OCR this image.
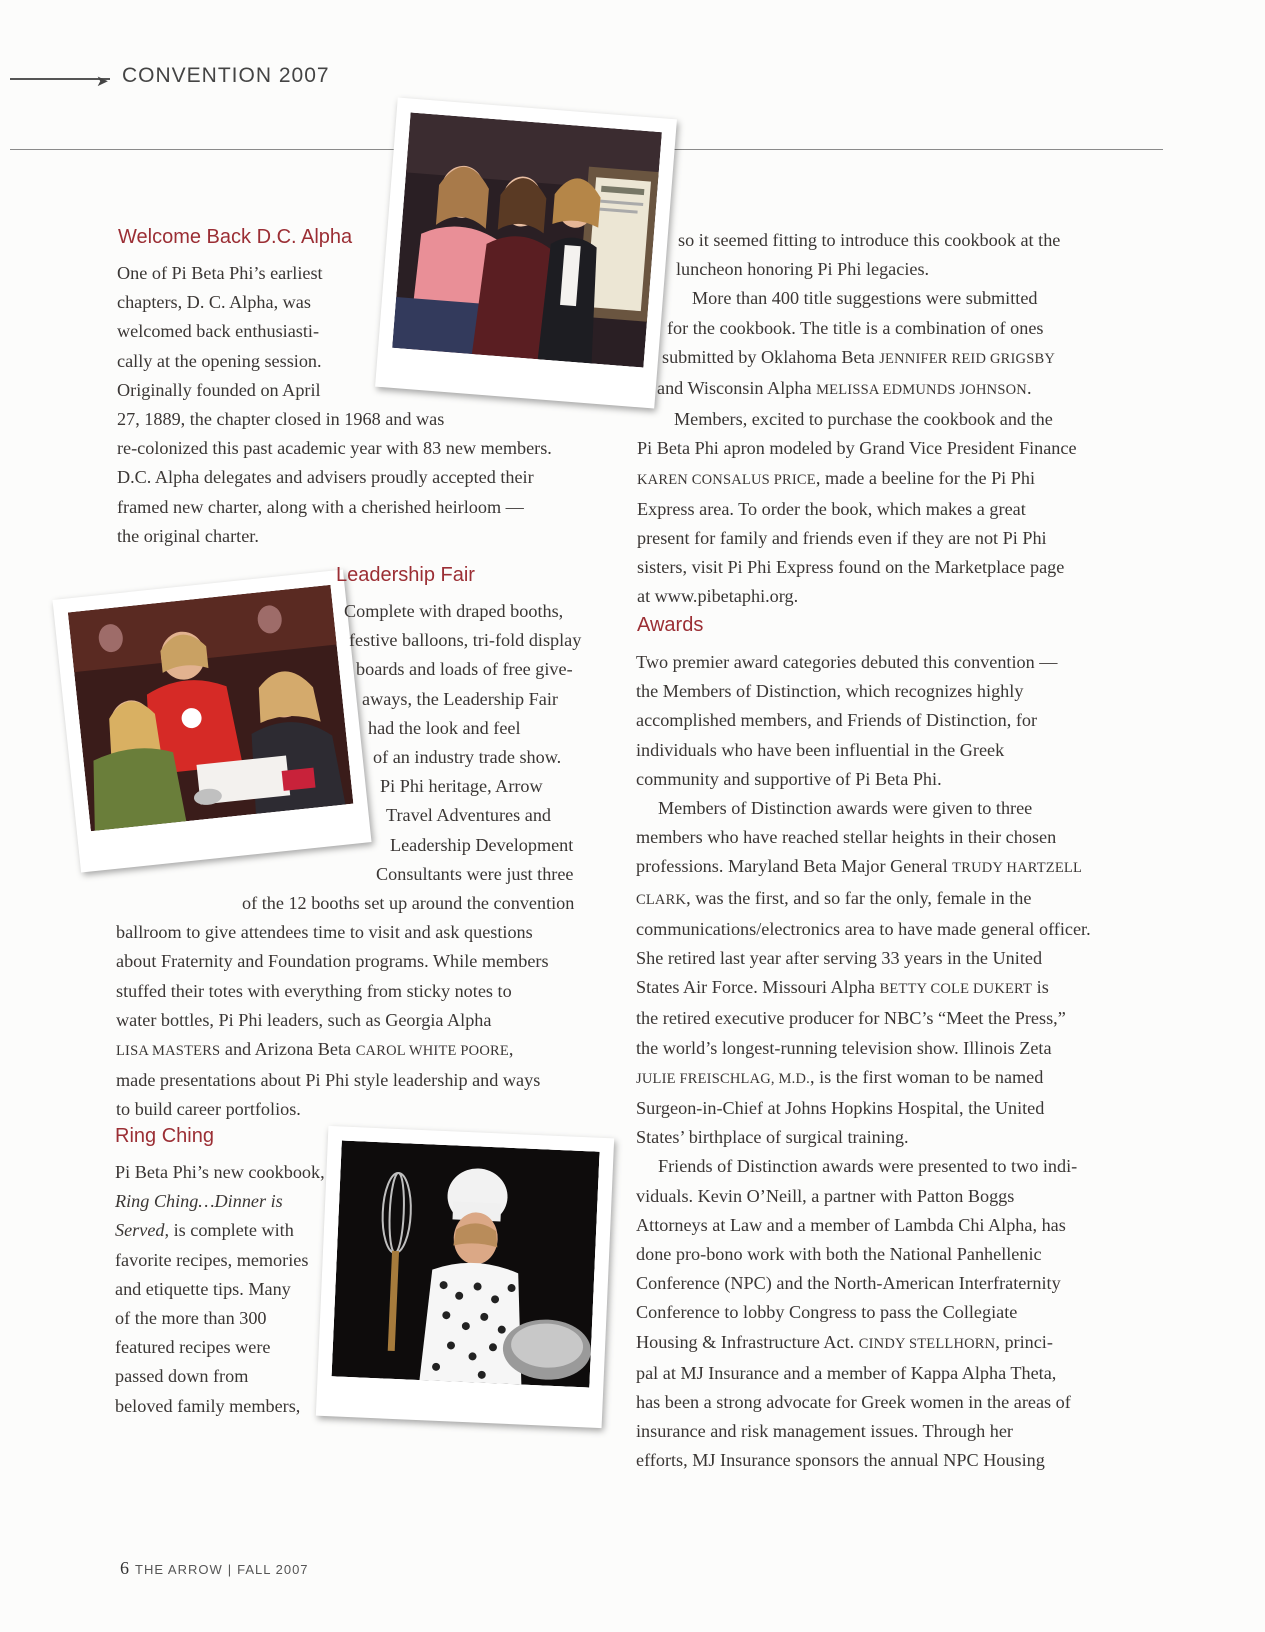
➤ CONVENTION 2007
Welcome Back D.C. Alpha
One of Pi Beta Phi’s earliest
chapters, D. C. Alpha, was
welcomed back enthusiasti-
cally at the opening session.
Originally founded on April
27, 1889, the chapter closed in 1968 and was
re-colonized this past academic year with 83 new members.
D.C. Alpha delegates and advisers proudly accepted their
framed new charter, along with a cherished heirloom —
the original charter.
Leadership Fair
Complete with draped booths,
festive balloons, tri-fold display
boards and loads of free give-
aways, the Leadership Fair
had the look and feel
of an industry trade show.
Pi Phi heritage, Arrow
Travel Adventures and
Leadership Development
Consultants were just three
of the 12 booths set up around the convention
ballroom to give attendees time to visit and ask questions
about Fraternity and Foundation programs. While members
stuffed their totes with everything from sticky notes to
water bottles, Pi Phi leaders, such as Georgia Alpha
LISA MASTERS and Arizona Beta CAROL WHITE POORE,
made presentations about Pi Phi style leadership and ways
to build career portfolios.
Ring Ching
Pi Beta Phi’s new cookbook,
Ring Ching…Dinner is
Served, is complete with
favorite recipes, memories
and etiquette tips. Many
of the more than 300
featured recipes were
passed down from
beloved family members,
so it seemed fitting to introduce this cookbook at the
luncheon honoring Pi Phi legacies.
More than 400 title suggestions were submitted
for the cookbook. The title is a combination of ones
submitted by Oklahoma Beta JENNIFER REID GRIGSBY
and Wisconsin Alpha MELISSA EDMUNDS JOHNSON.
Members, excited to purchase the cookbook and the
Pi Beta Phi apron modeled by Grand Vice President Finance
KAREN CONSALUS PRICE, made a beeline for the Pi Phi
Express area. To order the book, which makes a great
present for family and friends even if they are not Pi Phi
sisters, visit Pi Phi Express found on the Marketplace page
at www.pibetaphi.org.
Awards
Two premier award categories debuted this convention —
the Members of Distinction, which recognizes highly
accomplished members, and Friends of Distinction, for
individuals who have been influential in the Greek
community and supportive of Pi Beta Phi.
Members of Distinction awards were given to three
members who have reached stellar heights in their chosen
professions. Maryland Beta Major General TRUDY HARTZELL
CLARK, was the first, and so far the only, female in the
communications/electronics area to have made general officer.
She retired last year after serving 33 years in the United
States Air Force. Missouri Alpha BETTY COLE DUKERT is
the retired executive producer for NBC’s “Meet the Press,”
the world’s longest-running television show. Illinois Zeta
JULIE FREISCHLAG, M.D., is the first woman to be named
Surgeon-in-Chief at Johns Hopkins Hospital, the United
States’ birthplace of surgical training.
Friends of Distinction awards were presented to two indi-
viduals. Kevin O’Neill, a partner with Patton Boggs
Attorneys at Law and a member of Lambda Chi Alpha, has
done pro-bono work with both the National Panhellenic
Conference (NPC) and the North-American Interfraternity
Conference to lobby Congress to pass the Collegiate
Housing & Infrastructure Act. CINDY STELLHORN, princi-
pal at MJ Insurance and a member of Kappa Alpha Theta,
has been a strong advocate for Greek women in the areas of
insurance and risk management issues. Through her
efforts, MJ Insurance sponsors the annual NPC Housing
6 THE ARROW | FALL 2007
